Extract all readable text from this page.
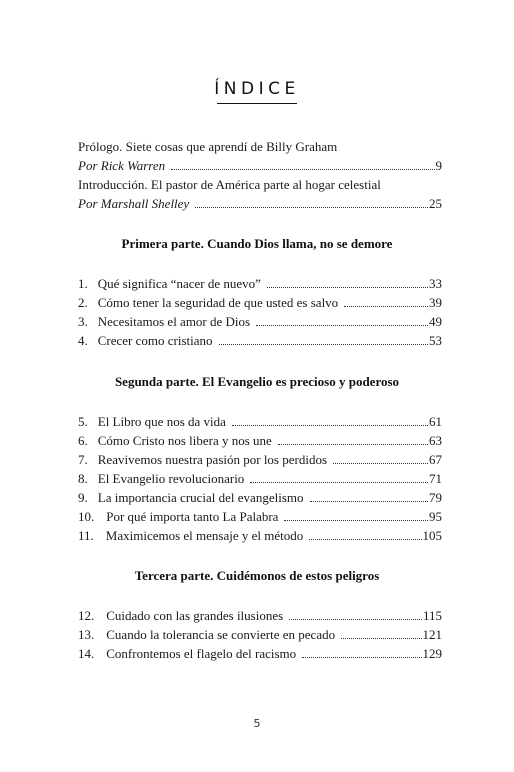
ÍNDICE
Prólogo. Siete cosas que aprendí de Billy Graham
Por Rick Warren	9
Introducción. El pastor de América parte al hogar celestial
Por Marshall Shelley	25
Primera parte. Cuando Dios llama, no se demore
1. Qué significa “nacer de nuevo”	33
2. Cómo tener la seguridad de que usted es salvo	39
3. Necesitamos el amor de Dios	49
4. Crecer como cristiano	53
Segunda parte. El Evangelio es precioso y poderoso
5. El Libro que nos da vida	61
6. Cómo Cristo nos libera y nos une	63
7. Reavivemos nuestra pasión por los perdidos	67
8. El Evangelio revolucionario	71
9. La importancia crucial del evangelismo	79
10. Por qué importa tanto La Palabra	95
11. Maximicemos el mensaje y el método	105
Tercera parte. Cuidémonos de estos peligros
12. Cuidado con las grandes ilusiones	115
13. Cuando la tolerancia se convierte en pecado	121
14. Confrontemos el flagelo del racismo	129
5
